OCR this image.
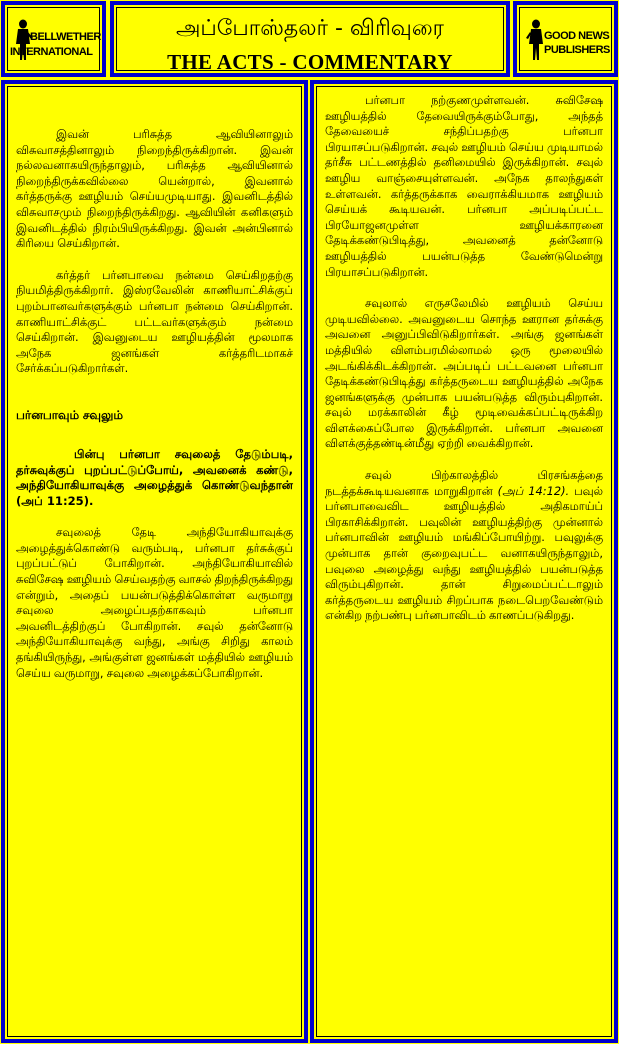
BELLWETHER
INTERNATIONAL
அப்போஸ்தலர் - விரிவுரை
THE ACTS - COMMENTARY
GOOD NEWS
PUBLISHERS

இவன் பரிசுத்த ஆவியினாலும் விசுவாசத்தினாலும் நிறைந்திருக்கிறான். இவன் நல்லவனாகயிருந்தாலும், பரிசுத்த ஆவியினால் நிறைந்திருக்கவில்லை யென்றால், இவனால் கர்த்தருக்கு ஊழியம் செய்யமுடியாது. இவனிடத்தில் விசுவாசமும் நிறைந்திருக்கிறது. ஆவியின் கனிகளும் இவனிடத்தில் நிரம்பியிருக்கிறது. இவன் அன்பினால் கிரியை செய்கிறான்.

கர்த்தர் பர்னபாவை நன்மை செய்கிறதற்கு நியமித்திருக்கிறார். இஸ்ரவேலின் காணியாட்சிக்குப் புறம்பானவர்களுக்கும் பர்னபா நன்மை செய்கிறான். காணியாட்சிக்குட் பட்டவர்களுக்கும் நன்மை செய்கிறான். இவனுடைய ஊழியத்தின் மூலமாக அநேக ஜனங்கள் கர்த்தரிடமாகச் சேர்க்கப்படுகிறார்கள்.

பர்னபாவும் சவுலும்

பின்பு பர்னபா சவுலைத் தேடும்படி, தர்சுவுக்குப் புறப்பட்டுப்போய், அவனைக் கண்டு, அந்தியோகியாவுக்கு அழைத்துக் கொண்டுவந்தான் (அப் 11:25).

சவுலைத் தேடி அந்தியோகியாவுக்கு அழைத்துக்கொண்டு வரும்படி, பர்னபா தர்சுக்குப் புறப்பட்டுப் போகிறான். அந்தியோகியாவில் சுவிசேஷ ஊழியம் செய்வதற்கு வாசல் திறந்திருக்கிறது என்றும், அதைப் பயன்படுத்திக்கொள்ள வருமாறு சவுலை அழைப்பதற்காகவும் பர்னபா அவனிடத்திற்குப் போகிறான். சவுல் தன்னோடு அந்தியோகியாவுக்கு வந்து, அங்கு சிறிது காலம் தங்கியிருந்து, அங்குள்ள ஜனங்கள் மத்தியில் ஊழியம் செய்ய வருமாறு, சவுலை அழைக்கப்போகிறான்.

பர்னபா நற்குணமுள்ளவன். சுவிசேஷ ஊழியத்தில் தேவையிருக்கும்போது, அந்தத் தேவையைச் சந்திப்பதற்கு பர்னபா பிரயாசப்படுகிறான். சவுல் ஊழியம் செய்ய முடியாமல் தர்சீசு பட்டணத்தில் தனிமையில் இருக்கிறான். சவுல் ஊழிய வாஞ்சையுள்ளவன். அநேக தாலந்துகள் உள்ளவன். கர்த்தருக்காக வைராக்கியமாக ஊழியம் செய்யக் கூடியவன். பர்னபா அப்படிப்பட்ட பிரயோஜனமுள்ள ஊழியக்காரனை தேடிக்கண்டுபிடித்து, அவனைத் தன்னோடு ஊழியத்தில் பயன்படுத்த வேண்டுமென்று பிரயாசப்படுகிறான்.

சவுலால் எருசலேமில் ஊழியம் செய்ய முடியவில்லை. அவனுடைய சொந்த ஊரான தர்சுக்கு அவனை அனுப்பிவிடுகிறார்கள். அங்கு ஜனங்கள் மத்தியில் விளம்பரமில்லாமல் ஒரு மூலையில் அடங்கிக்கிடக்கிறான். அப்படிப் பட்டவனை பர்னபா தேடிக்கண்டுபிடித்து கர்த்தருடைய ஊழியத்தில் அநேக ஜனங்களுக்கு முன்பாக பயன்படுத்த விரும்புகிறான். சவுல் மரக்காலின் கீழ் மூடிவைக்கப்பட்டிருக்கிற விளக்கைப்போல இருக்கிறான். பர்னபா அவனை விளக்குத்தண்டின்மீது ஏற்றி வைக்கிறான்.

சவுல் பிற்காலத்தில் பிரசங்கத்தை நடத்தக்கூடியவனாக மாறுகிறான் (அப் 14:12). பவுல் பர்னபாவைவிட ஊழியத்தில் அதிகமாய்ப் பிரகாசிக்கிறான். பவுலின் ஊழியத்திற்கு முன்னால் பர்னபாவின் ஊழியம் மங்கிப்போயிற்று. பவுலுக்கு முன்பாக தான் குறைவுபட்ட வனாகயிருந்தாலும், பவுலை அழைத்து வந்து ஊழியத்தில் பயன்படுத்த விரும்புகிறான். தான் சிறுமைப்பட்டாலும் கர்த்தருடைய ஊழியம் சிறப்பாக நடைபெறவேண்டும் என்கிற நற்பண்பு பர்னபாவிடம் காணப்படுகிறது.
